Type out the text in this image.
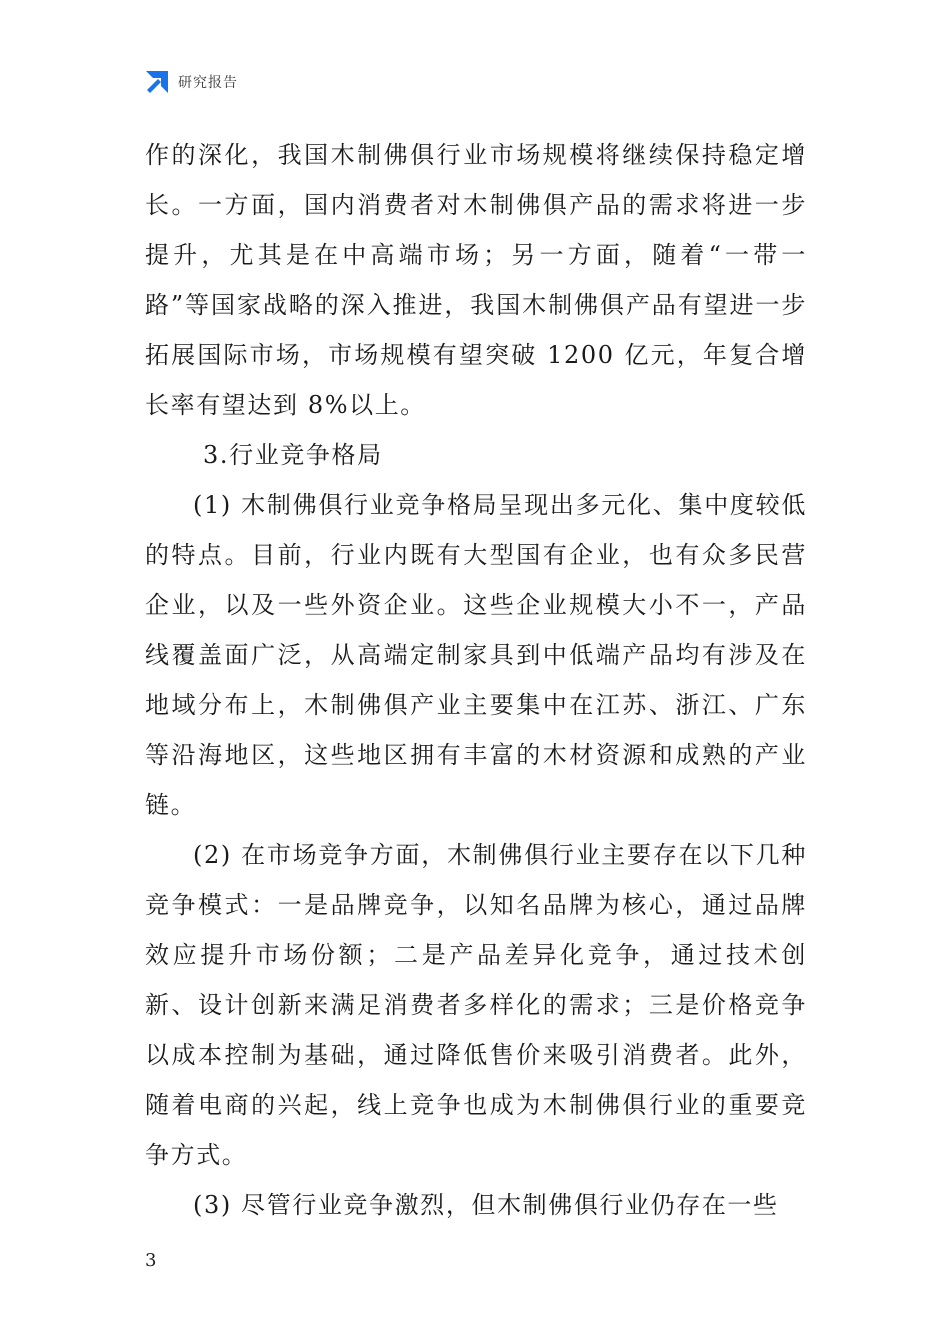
研究报告

作的深化，我国木制佛俱行业市场规模将继续保持稳定增长。一方面，国内消费者对木制佛俱产品的需求将进一步提升，尤其是在中高端市场；另一方面，随着“一带一路”等国家战略的深入推进，我国木制佛俱产品有望进一步拓展国际市场，市场规模有望突破 1200 亿元，年复合增长率有望达到 8%以上。

3.行业竞争格局

(1) 木制佛俱行业竞争格局呈现出多元化、集中度较低的特点。目前，行业内既有大型国有企业，也有众多民营企业，以及一些外资企业。这些企业规模大小不一，产品线覆盖面广泛，从高端定制家具到中低端产品均有涉及在地域分布上，木制佛俱产业主要集中在江苏、浙江、广东等沿海地区，这些地区拥有丰富的木材资源和成熟的产业链。

(2) 在市场竞争方面，木制佛俱行业主要存在以下几种竞争模式：一是品牌竞争，以知名品牌为核心，通过品牌效应提升市场份额；二是产品差异化竞争，通过技术创新、设计创新来满足消费者多样化的需求；三是价格竞争以成本控制为基础，通过降低售价来吸引消费者。此外，随着电商的兴起，线上竞争也成为木制佛俱行业的重要竞争方式。

(3) 尽管行业竞争激烈，但木制佛俱行业仍存在一些

3
